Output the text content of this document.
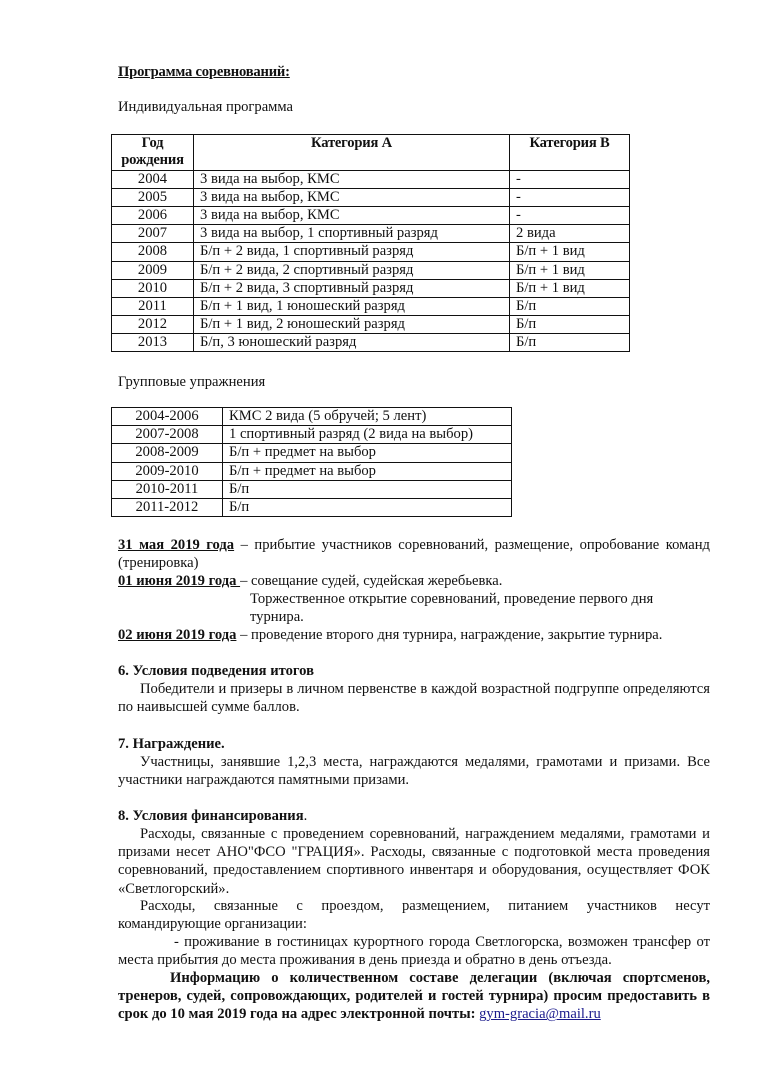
Программа соревнований:
Индивидуальная программа
Год рождения	Категория А	Категория В
2004	3 вида на выбор, КМС	-
2005	3 вида на выбор, КМС	-
2006	3 вида на выбор, КМС	-
2007	3 вида на выбор, 1 спортивный разряд	2 вида
2008	Б/п + 2 вида, 1 спортивный разряд	Б/п + 1 вид
2009	Б/п + 2 вида, 2 спортивный разряд	Б/п + 1 вид
2010	Б/п + 2 вида, 3 спортивный разряд	Б/п + 1 вид
2011	Б/п + 1 вид, 1 юношеский разряд	Б/п
2012	Б/п + 1 вид, 2 юношеский разряд	Б/п
2013	Б/п, 3 юношеский разряд	Б/п
Групповые упражнения
2004-2006	КМС 2 вида (5 обручей; 5 лент)
2007-2008	1 спортивный разряд (2 вида на выбор)
2008-2009	Б/п + предмет на выбор
2009-2010	Б/п + предмет на выбор
2010-2011	Б/п
2011-2012	Б/п
31 мая 2019 года – прибытие участников соревнований, размещение, опробование команд (тренировка)
01 июня 2019 года – совещание судей, судейская жеребьевка.
Торжественное открытие соревнований, проведение первого дня турнира.
02 июня 2019 года – проведение второго дня турнира, награждение, закрытие турнира.
6. Условия подведения итогов
Победители и призеры в личном первенстве в каждой возрастной подгруппе определяются по наивысшей сумме баллов.
7. Награждение.
Участницы, занявшие 1,2,3 места, награждаются медалями, грамотами и призами. Все участники награждаются памятными призами.
8. Условия финансирования.
Расходы, связанные с проведением соревнований, награждением медалями, грамотами и призами несет АНО"ФСО "ГРАЦИЯ». Расходы, связанные с подготовкой места проведения соревнований, предоставлением спортивного инвентаря и оборудования, осуществляет ФОК «Светлогорский».
Расходы, связанные с проездом, размещением, питанием участников несут командирующие организации:
- проживание в гостиницах курортного города Светлогорска, возможен трансфер от места прибытия до места проживания в день приезда и обратно в день отъезда.
Информацию о количественном составе делегации (включая спортсменов, тренеров, судей, сопровождающих, родителей и гостей турнира) просим предоставить в срок до 10 мая 2019 года на адрес электронной почты: gym-gracia@mail.ru
